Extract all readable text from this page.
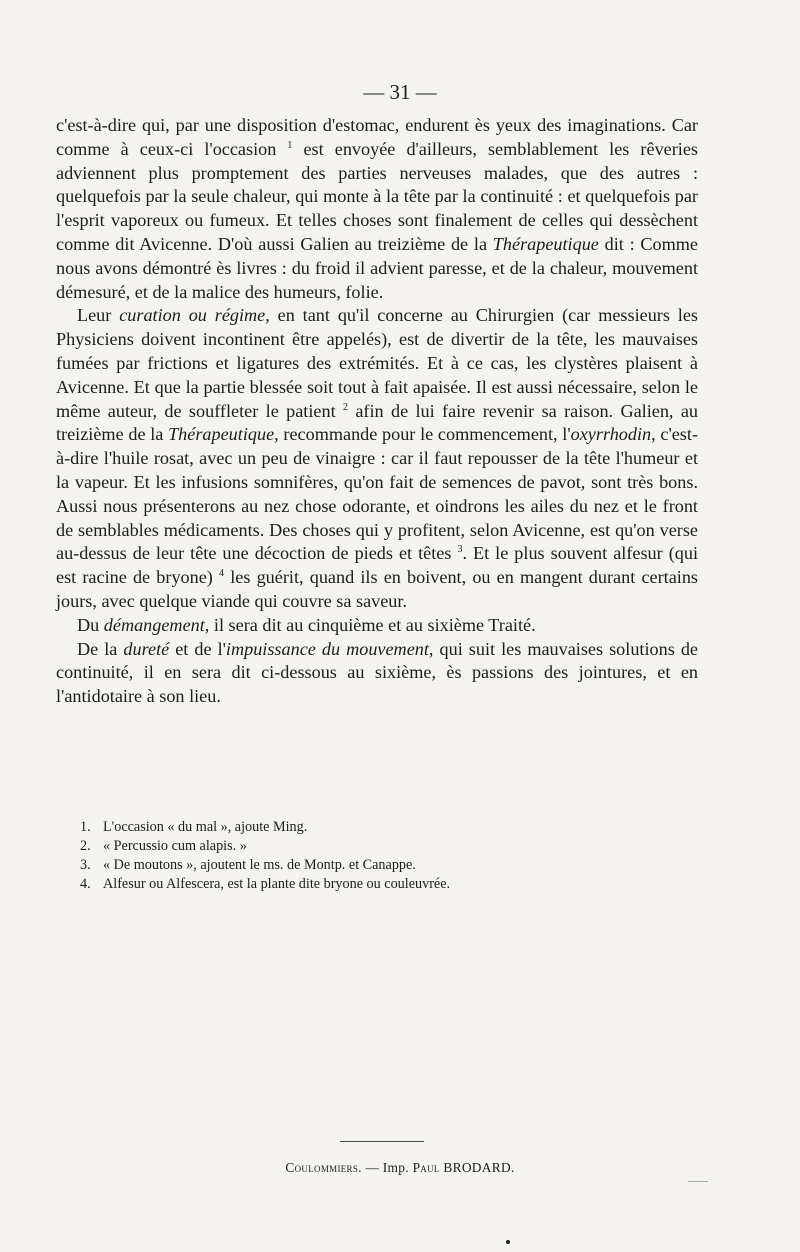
— 31 —

c'est-à-dire qui, par une disposition d'estomac, endurent ès yeux des imaginations. Car comme à ceux-ci l'occasion $^1$ est envoyée d'ailleurs, semblablement les rêveries adviennent plus promptement des parties nerveuses malades, que des autres : quelquefois par la seule chaleur, qui monte à la tête par la continuité : et quelquefois par l'esprit vaporeux ou fumeux. Et telles choses sont finalement de celles qui dessèchent comme dit Avicenne. D'où aussi Galien au treizième de la Thérapeutique dit : Comme nous avons démontré ès livres : du froid il advient paresse, et de la chaleur, mouvement démesuré, et de la malice des humeurs, folie.

Leur curation ou régime, en tant qu'il concerne au Chirurgien (car messieurs les Physiciens doivent incontinent être appelés), est de divertir de la tête, les mauvaises fumées par frictions et ligatures des extrémités. Et à ce cas, les clystères plaisent à Avicenne. Et que la partie blessée soit tout à fait apaisée. Il est aussi nécessaire, selon le même auteur, de souffleter le patient $^2$ afin de lui faire revenir sa raison. Galien, au treizième de la Thérapeutique, recommande pour le commencement, l'oxyrrhodin, c'est-à-dire l'huile rosat, avec un peu de vinaigre : car il faut repousser de la tête l'humeur et la vapeur. Et les infusions somnifères, qu'on fait de semences de pavot, sont très bons. Aussi nous présenterons au nez chose odorante, et oindrons les ailes du nez et le front de semblables médicaments. Des choses qui y profitent, selon Avicenne, est qu'on verse au-dessus de leur tête une décoction de pieds et têtes $^3$. Et le plus souvent alfesur (qui est racine de bryone) $^4$ les guérit, quand ils en boivent, ou en mangent durant certains jours, avec quelque viande qui couvre sa saveur.

Du démangement, il sera dit au cinquième et au sixième Traité.

De la dureté et de l'impuissance du mouvement, qui suit les mauvaises solutions de continuité, il en sera dit ci-dessous au sixième, ès passions des jointures, et en l'antidotaire à son lieu.

1. L'occasion « du mal », ajoute Ming.
2. « Percussio cum alapis. »
3. « De moutons », ajoutent le ms. de Montp. et Canappe.
4. Alfesur ou Alfescera, est la plante dite bryone ou couleuvrée.
Coulommiers. — Imp. Paul BRODARD.
